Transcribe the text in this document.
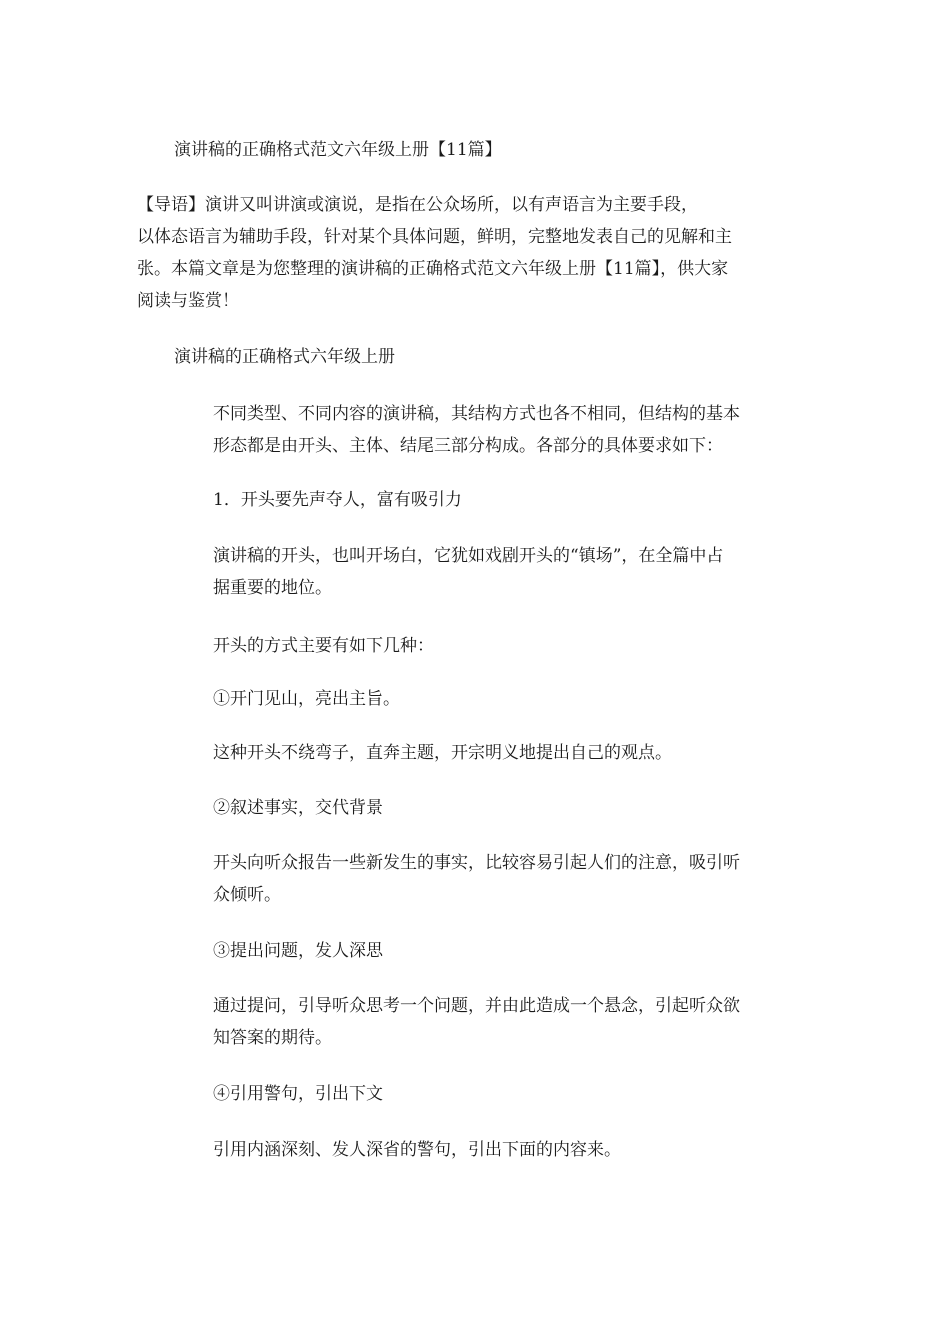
演讲稿的正确格式范文六年级上册【11篇】

【导语】演讲又叫讲演或演说，是指在公众场所，以有声语言为主要手段，
以体态语言为辅助手段，针对某个具体问题，鲜明，完整地发表自己的见解和主
张。本篇文章是为您整理的演讲稿的正确格式范文六年级上册【11篇】，供大家
阅读与鉴赏！

演讲稿的正确格式六年级上册

不同类型、不同内容的演讲稿，其结构方式也各不相同，但结构的基本
形态都是由开头、主体、结尾三部分构成。各部分的具体要求如下：
1．开头要先声夺人，富有吸引力
演讲稿的开头，也叫开场白，它犹如戏剧开头的“镇场”，在全篇中占
据重要的地位。
开头的方式主要有如下几种：
①开门见山，亮出主旨。
这种开头不绕弯子，直奔主题，开宗明义地提出自己的观点。
②叙述事实，交代背景
开头向听众报告一些新发生的事实，比较容易引起人们的注意，吸引听
众倾听。
③提出问题，发人深思
通过提问，引导听众思考一个问题，并由此造成一个悬念，引起听众欲
知答案的期待。
④引用警句，引出下文
引用内涵深刻、发人深省的警句，引出下面的内容来。
